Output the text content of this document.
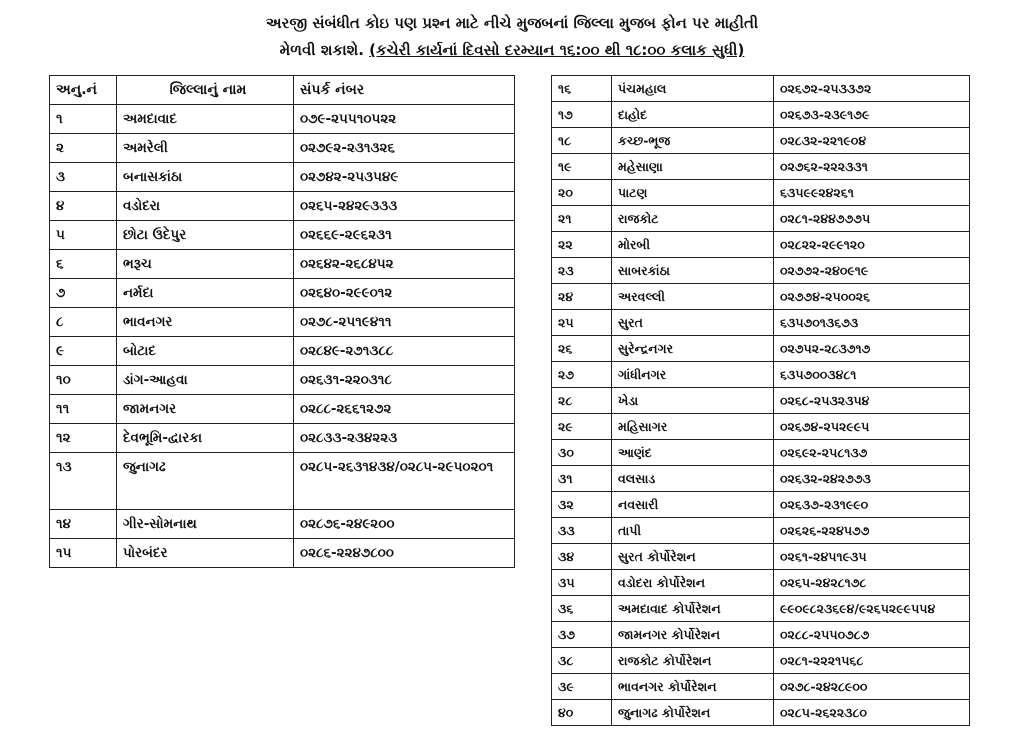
અરજી સંબંધીત કોઇ પણ પ્રશ્ન માટે નીચે મુજબનાં જિલ્લા મુજબ ફોન પર માહીતી
મેળવી શકાશે. (કચેરી કાર્યનાં દિવસો દરમ્યાન ૧૬:૦૦ થી ૧૮:૦૦ કલાક સુધી)
અનુ.નં	જિલ્લાનું નામ	સંપર્ક નંબર
૧	અમદાવાદ	૦૭૯-૨૫૫૧૦૫૨૨
૨	અમરેલી	૦૨૭૯૨-૨૩૧૩૨૬
૩	બનાસકાંઠા	૦૨૭૪૨-૨૫૩૫૪૯
૪	વડોદરા	૦૨૬૫-૨૪૨૯૩૩૩
૫	છોટા ઉદેપુર	૦૨૬૬૯-૨૯૬૨૩૧
૬	ભરૂચ	૦૨૬૪૨-૨૬૮૪૫૨
૭	નર્મદા	૦૨૬૪૦-૨૯૯૦૧૨
૮	ભાવનગર	૦૨૭૮-૨૫૧૯૪૧૧
૯	બોટાદ	૦૨૮૪૯-૨૭૧૩૮૮
૧૦	ડાંગ-આહવા	૦૨૬૩૧-૨૨૦૩૧૮
૧૧	જામનગર	૦૨૮૮-૨૬૬૧૨૭૨
૧૨	દેવભૂમિ-દ્વારકા	૦૨૮૩૩-૨૩૪૨૨૩
૧૩	જુનાગઢ	૦૨૮૫-૨૬૩૧૪૩૪/૦૨૮૫-૨૯૫૦૨૦૧
૧૪	ગીર-સોમનાથ	૦૨૮૭૬-૨૪૯૨૦૦
૧૫	પોરબંદર	૦૨૮૬-૨૨૪૭૮૦૦
૧૬	પંચમહાલ	૦૨૬૭૨-૨૫૩૩૭૨
૧૭	દાહોદ	૦૨૬૭૩-૨૩૯૧૭૯
૧૮	કચ્છ-ભૂજ	૦૨૮૩૨-૨૨૧૯૦૪
૧૯	મહેસાણા	૦૨૭૬૨-૨૨૨૩૩૧
૨૦	પાટણ	૬૩૫૯૯૨૪૨૬૧
૨૧	રાજકોટ	૦૨૮૧-૨૪૪૭૭૭૫
૨૨	મોરબી	૦૨૮૨૨-૨૯૯૧૨૦
૨૩	સાબરકાંઠા	૦૨૭૭૨-૨૪૦૯૧૯
૨૪	અરવલ્લી	૦૨૭૭૪-૨૫૦૦૨૬
૨૫	સુરત	૬૩૫૭૦૧૩૬૭૩
૨૬	સુરેન્દ્રનગર	૦૨૭૫૨-૨૮૩૭૧૭
૨૭	ગાંધીનગર	૬૩૫૭૦૦૩૪૮૧
૨૮	ખેડા	૦૨૬૮-૨૫૩૨૩૫૪
૨૯	મહિસાગર	૦૨૬૭૪-૨૫૨૯૯૫
૩૦	આણંદ	૦૨૬૯૨-૨૫૮૧૩૭
૩૧	વલસાડ	૦૨૬૩૨-૨૪૨૭૭૩
૩૨	નવસારી	૦૨૬૩૭-૨૩૧૯૯૦
૩૩	તાપી	૦૨૬૨૬-૨૨૪૫૭૭
૩૪	સુરત કોર્પોરેશન	૦૨૬૧-૨૪૫૧૯૩૫
૩૫	વડોદરા કોર્પોરેશન	૦૨૬૫-૨૪૨૮૧૭૮
૩૬	અમદાવાદ કોર્પોરેશન	૯૯૦૯૮૨૩૬૯૪/૯૨૬૫૨૯૯૫૫૪
૩૭	જામનગર કોર્પોરેશન	૦૨૮૮-૨૫૫૦૭૮૭
૩૮	રાજકોટ કોર્પોરેશન	૦૨૮૧-૨૨૨૧૫૬૮
૩૯	ભાવનગર કોર્પોરેશન	૦૨૭૮-૨૪૨૮૯૦૦
૪૦	જુનાગઢ કોર્પોરેશન	૦૨૮૫-૨૬૨૨૩૮૦
